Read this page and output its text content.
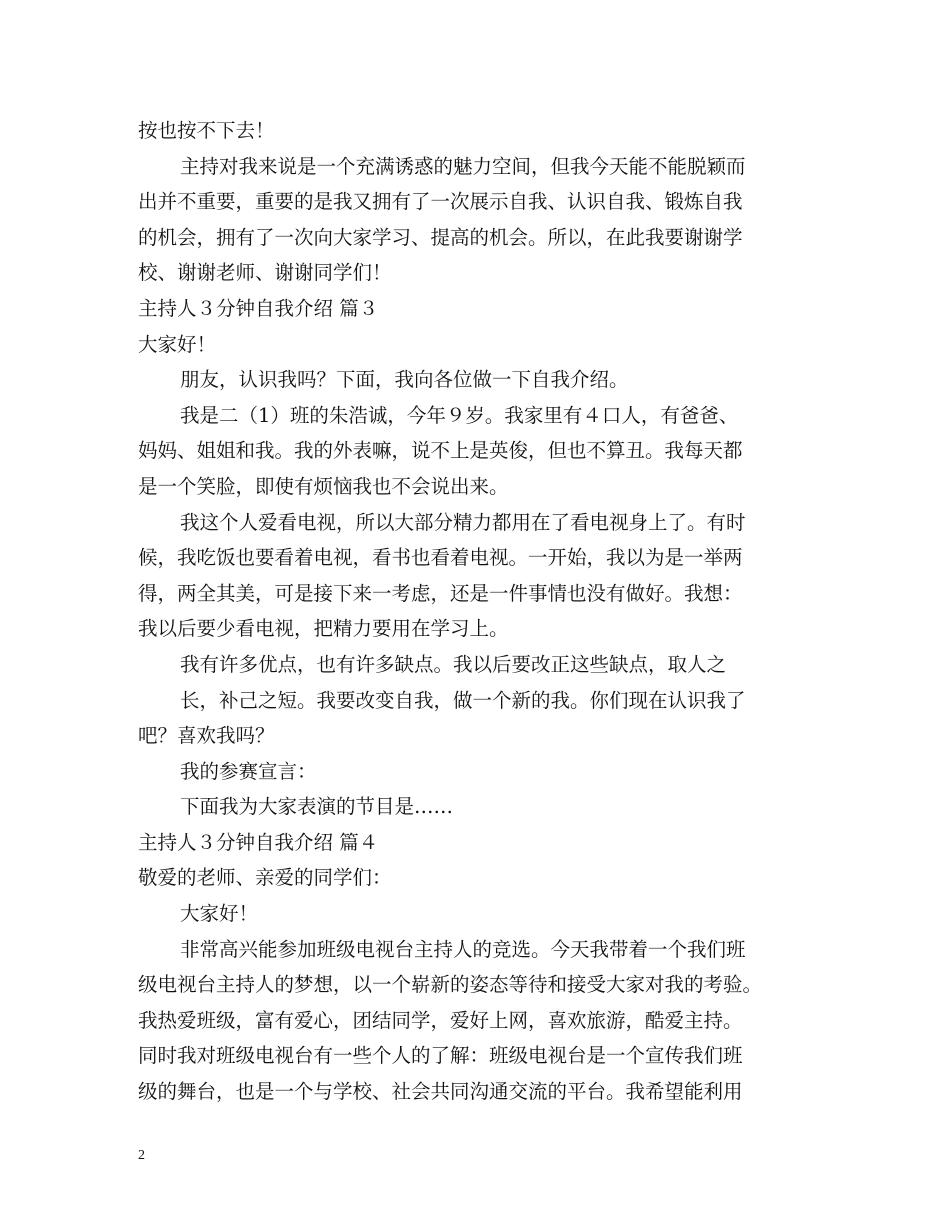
按也按不下去！
主持对我来说是一个充满诱惑的魅力空间，但我今天能不能脱颖而
出并不重要，重要的是我又拥有了一次展示自我、认识自我、锻炼自我
的机会，拥有了一次向大家学习、提高的机会。所以，在此我要谢谢学
校、谢谢老师、谢谢同学们！
主持人３分钟自我介绍 篇３
大家好！
朋友，认识我吗？下面，我向各位做一下自我介绍。
我是二（1）班的朱浩诚，今年９岁。我家里有４口人，有爸爸、
妈妈、姐姐和我。我的外表嘛，说不上是英俊，但也不算丑。我每天都
是一个笑脸，即使有烦恼我也不会说出来。
我这个人爱看电视，所以大部分精力都用在了看电视身上了。有时
候，我吃饭也要看着电视，看书也看着电视。一开始，我以为是一举两
得，两全其美，可是接下来一考虑，还是一件事情也没有做好。我想：
我以后要少看电视，把精力要用在学习上。
我有许多优点，也有许多缺点。我以后要改正这些缺点，取人之
长，补己之短。我要改变自我，做一个新的我。你们现在认识我了
吧？喜欢我吗？
我的参赛宣言：
下面我为大家表演的节目是……
主持人３分钟自我介绍 篇４
敬爱的老师、亲爱的同学们：
大家好！
非常高兴能参加班级电视台主持人的竞选。今天我带着一个我们班
级电视台主持人的梦想，以一个崭新的姿态等待和接受大家对我的考验。
我热爱班级，富有爱心，团结同学，爱好上网，喜欢旅游，酷爱主持。
同时我对班级电视台有一些个人的了解：班级电视台是一个宣传我们班
级的舞台，也是一个与学校、社会共同沟通交流的平台。我希望能利用
2
